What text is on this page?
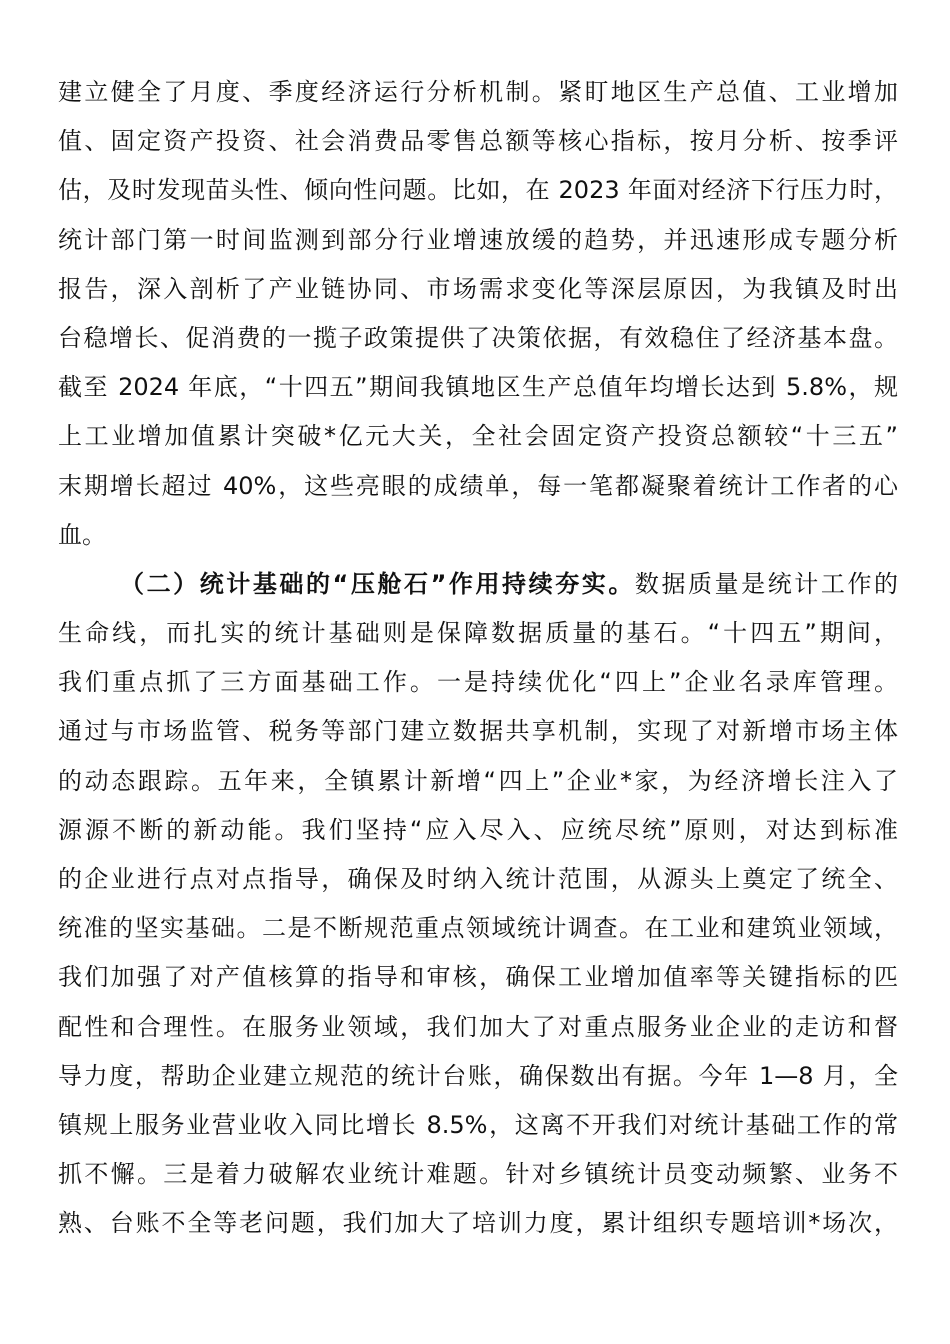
建立健全了月度、季度经济运行分析机制。紧盯地区生产总值、工业增加
值、固定资产投资、社会消费品零售总额等核心指标，按月分析、按季评
估，及时发现苗头性、倾向性问题。比如，在 2023 年面对经济下行压力时，
统计部门第一时间监测到部分行业增速放缓的趋势，并迅速形成专题分析
报告，深入剖析了产业链协同、市场需求变化等深层原因，为我镇及时出
台稳增长、促消费的一揽子政策提供了决策依据，有效稳住了经济基本盘。
截至 2024 年底，“十四五”期间我镇地区生产总值年均增长达到 5.8%，规
上工业增加值累计突破*亿元大关，全社会固定资产投资总额较“十三五”
末期增长超过 40%，这些亮眼的成绩单，每一笔都凝聚着统计工作者的心
血。
（二）统计基础的“压舱石”作用持续夯实。数据质量是统计工作的
生命线，而扎实的统计基础则是保障数据质量的基石。“十四五”期间，
我们重点抓了三方面基础工作。一是持续优化“四上”企业名录库管理。
通过与市场监管、税务等部门建立数据共享机制，实现了对新增市场主体
的动态跟踪。五年来，全镇累计新增“四上”企业*家，为经济增长注入了
源源不断的新动能。我们坚持“应入尽入、应统尽统”原则，对达到标准
的企业进行点对点指导，确保及时纳入统计范围，从源头上奠定了统全、
统准的坚实基础。二是不断规范重点领域统计调查。在工业和建筑业领域，
我们加强了对产值核算的指导和审核，确保工业增加值率等关键指标的匹
配性和合理性。在服务业领域，我们加大了对重点服务业企业的走访和督
导力度，帮助企业建立规范的统计台账，确保数出有据。今年 1—8 月，全
镇规上服务业营业收入同比增长 8.5%，这离不开我们对统计基础工作的常
抓不懈。三是着力破解农业统计难题。针对乡镇统计员变动频繁、业务不
熟、台账不全等老问题，我们加大了培训力度，累计组织专题培训*场次，
